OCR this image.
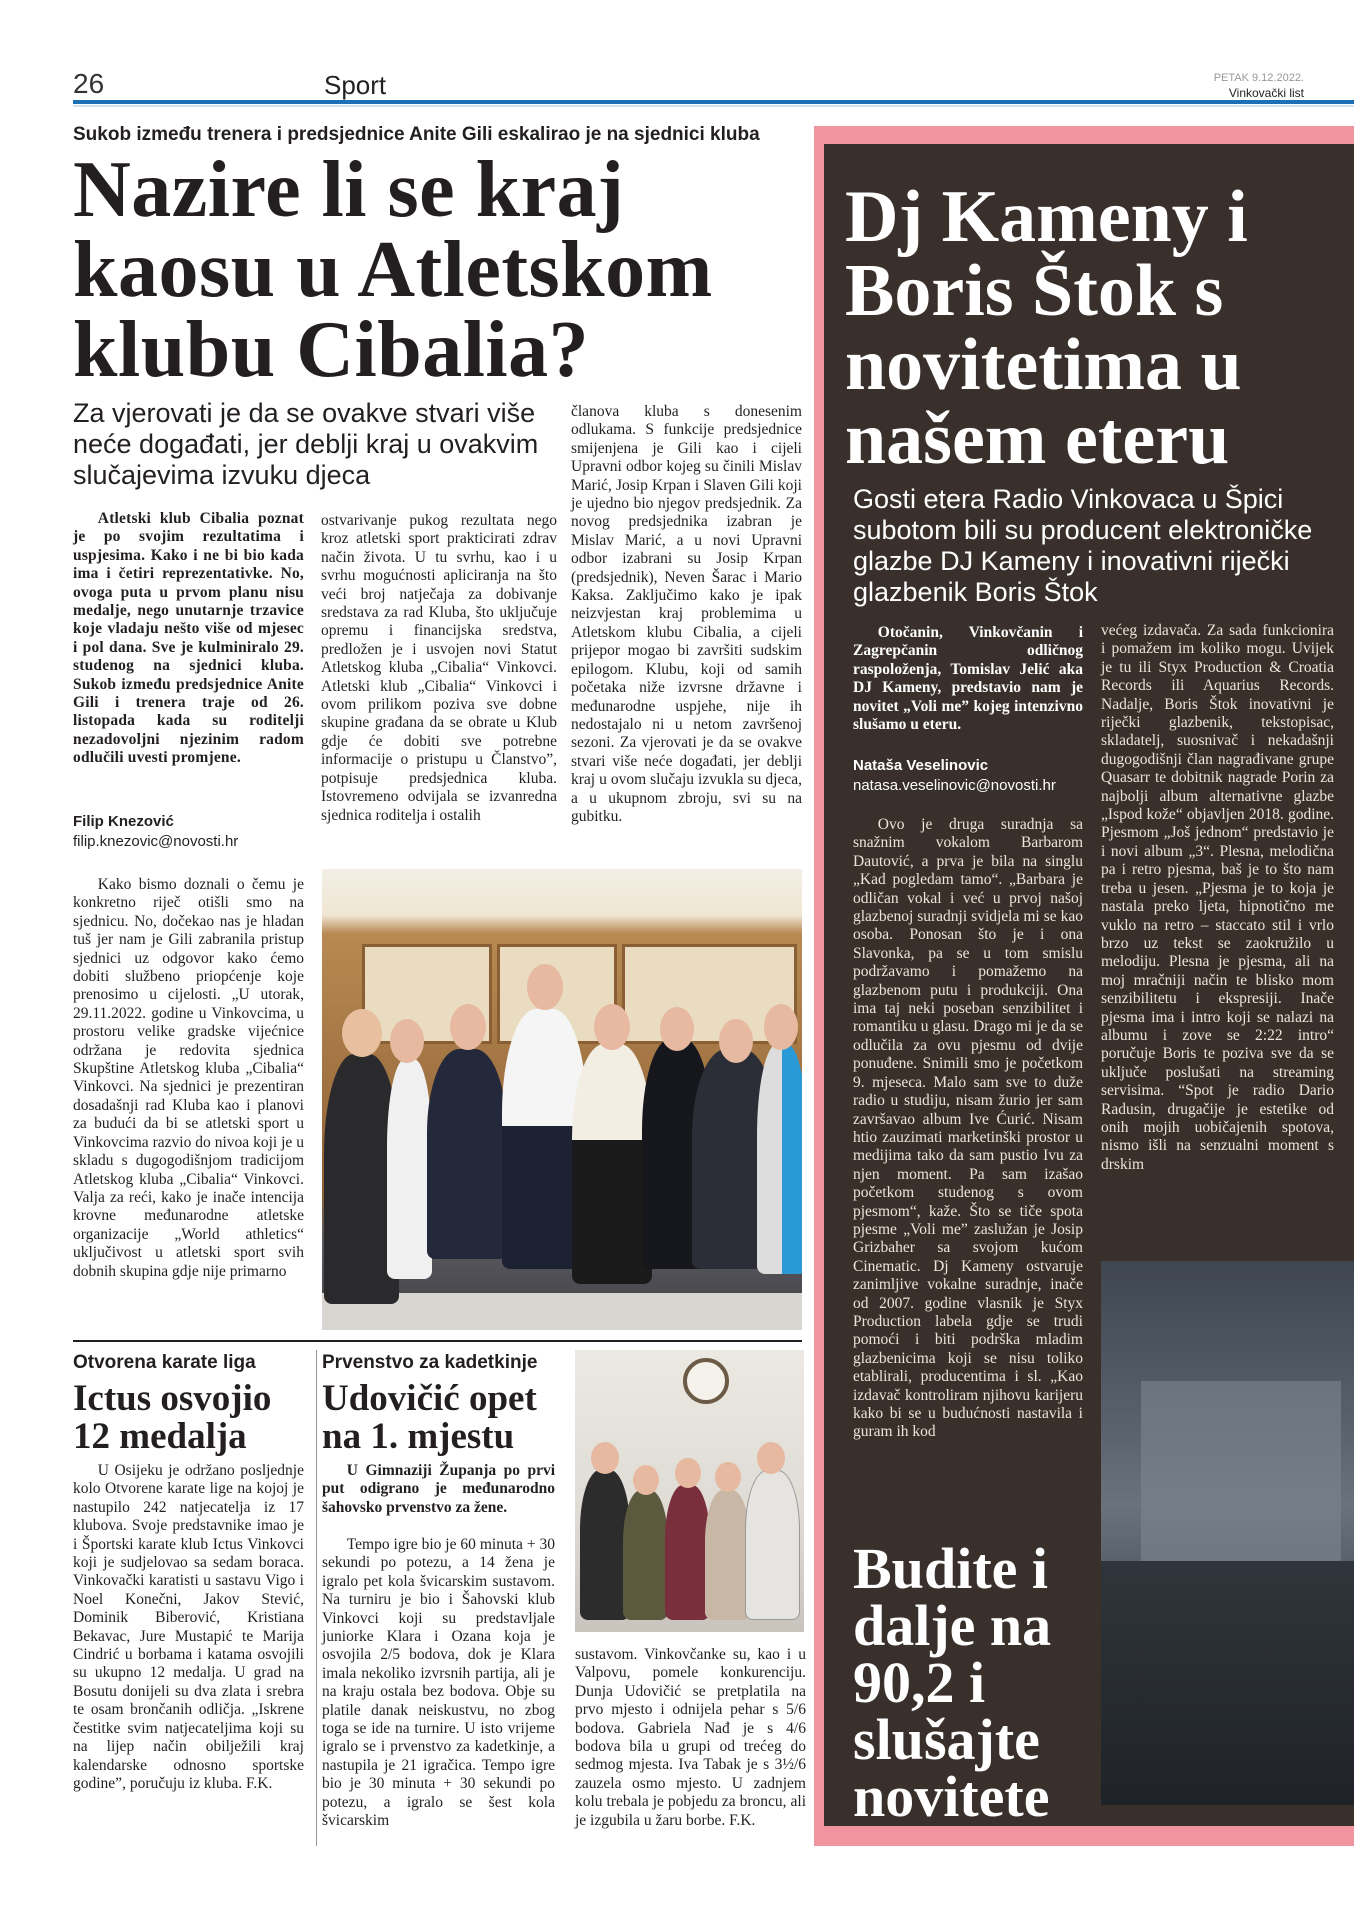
26	Sport	PETAK 9.12.2022.
Vinkovački list
Sukob između trenera i predsjednice Anite Gili eskalirao je na sjednici kluba
Nazire li se kraj kaosu u Atletskom klubu Cibalia?
Za vjerovati je da se ovakve stvari više neće događati, jer deblji kraj u ovakvim slučajevima izvuku djeca
Atletski klub Cibalia poznat je po svojim rezultatima i uspjesima. Kako i ne bi bio kada ima i četiri reprezentativke. No, ovoga puta u prvom planu nisu medalje, nego unutarnje trzavice koje vladaju nešto više od mjesec i pol dana. Sve je kulminiralo 29. studenog na sjednici kluba. Sukob između predsjednice Anite Gili i trenera traje od 26. listopada kada su roditelji nezadovoljni njezinim radom odlučili uvesti promjene.
Filip Knezović
filip.knezovic@novosti.hr
Kako bismo doznali o čemu je konkretno riječ otišli smo na sjednicu. No, dočekao nas je hladan tuš jer nam je Gili zabranila pristup sjednici uz odgovor kako ćemo dobiti službeno priopćenje koje prenosimo u cijelosti. „U utorak, 29.11.2022. godine u Vinkovcima, u prostoru velike gradske vijećnice održana je redovita sjednica Skupštine Atletskog kluba „Cibalia“ Vinkovci. Na sjednici je prezentiran dosadašnji rad Kluba kao i planovi za budući da bi se atletski sport u Vinkovcima razvio do nivoa koji je u skladu s dugogodišnjom tradicijom Atletskog kluba „Cibalia“ Vinkovci. Valja za reći, kako je inače intencija krovne međunarodne atletske organizacije „World athletics“ uključivost u atletski sport svih dobnih skupina gdje nije primarno
ostvarivanje pukog rezultata nego kroz atletski sport prakticirati zdrav način života. U tu svrhu, kao i u svrhu mogućnosti apliciranja na što veći broj natječaja za dobivanje sredstava za rad Kluba, što uključuje opremu i financijska sredstva, predložen je i usvojen novi Statut Atletskog kluba „Cibalia“ Vinkovci. Atletski klub „Cibalia“ Vinkovci i ovom prilikom poziva sve dobne skupine građana da se obrate u Klub gdje će dobiti sve potrebne informacije o pristupu u Članstvo”, potpisuje predsjednica kluba. Istovremeno odvijala se izvanredna sjednica roditelja i ostalih
članova kluba s donesenim odlukama. S funkcije predsjednice smijenjena je Gili kao i cijeli Upravni odbor kojeg su činili Mislav Marić, Josip Krpan i Slaven Gili koji je ujedno bio njegov predsjednik. Za novog predsjednika izabran je Mislav Marić, a u novi Upravni odbor izabrani su Josip Krpan (predsjednik), Neven Šarac i Mario Kaksa. Zaključimo kako je ipak neizvjestan kraj problemima u Atletskom klubu Cibalia, a cijeli prijepor mogao bi završiti sudskim epilogom. Klubu, koji od samih početaka niže izvrsne državne i međunarodne uspjehe, nije ih nedostajalo ni u netom završenoj sezoni. Za vjerovati je da se ovakve stvari više neće događati, jer deblji kraj u ovom slučaju izvukla su djeca, a u ukupnom zbroju, svi su na gubitku.
Otvorena karate liga
Ictus osvojio 12 medalja
U Osijeku je održano posljednje kolo Otvorene karate lige na kojoj je nastupilo 242 natjecatelja iz 17 klubova. Svoje predstavnike imao je i Športski karate klub Ictus Vinkovci koji je sudjelovao sa sedam boraca. Vinkovački karatisti u sastavu Vigo i Noel Konečni, Jakov Stević, Dominik Biberović, Kristiana Bekavac, Jure Mustapić te Marija Cindrić u borbama i katama osvojili su ukupno 12 medalja. U grad na Bosutu donijeli su dva zlata i srebra te osam brončanih odličja. „Iskrene čestitke svim natjecateljima koji su na lijep način obilježili kraj kalendarske odnosno sportske godine”, poručuju iz kluba. F.K.
Prvenstvo za kadetkinje
Udovičić opet na 1. mjestu
U Gimnaziji Županja po prvi put odigrano je međunarodno šahovsko prvenstvo za žene.
Tempo igre bio je 60 minuta + 30 sekundi po potezu, a 14 žena je igralo pet kola švicarskim sustavom. Na turniru je bio i Šahovski klub Vinkovci koji su predstavljale juniorke Klara i Ozana koja je osvojila 2/5 bodova, dok je Klara imala nekoliko izvrsnih partija, ali je na kraju ostala bez bodova. Obje su platile danak neiskustvu, no zbog toga se ide na turnire. U isto vrijeme igralo se i prvenstvo za kadetkinje, a nastupila je 21 igračica. Tempo igre bio je 30 minuta + 30 sekundi po potezu, a igralo se šest kola švicarskim
sustavom. Vinkovčanke su, kao i u Valpovu, pomele konkurenciju. Dunja Udovičić se pretplatila na prvo mjesto i odnijela pehar s 5/6 bodova. Gabriela Nađ je s 4/6 bodova bila u grupi od trećeg do sedmog mjesta. Iva Tabak je s 3½/6 zauzela osmo mjesto. U zadnjem kolu trebala je pobjedu za broncu, ali je izgubila u žaru borbe. F.K.
Dj Kameny i Boris Štok s novitetima u našem eteru
Gosti etera Radio Vinkovaca u Špici subotom bili su producent elektroničke glazbe DJ Kameny i inovativni riječki glazbenik Boris Štok
Otočanin, Vinkovčanin i Zagrepčanin odličnog raspoloženja, Tomislav Jelić aka DJ Kameny, predstavio nam je novitet „Voli me” kojeg intenzivno slušamo u eteru.
Nataša Veselinovic
natasa.veselinovic@novosti.hr
Ovo je druga suradnja sa snažnim vokalom Barbarom Dautović, a prva je bila na singlu „Kad pogledam tamo“. „Barbara je odličan vokal i već u prvoj našoj glazbenoj suradnji svidjela mi se kao osoba. Ponosan što je i ona Slavonka, pa se u tom smislu podržavamo i pomažemo na glazbenom putu i produkciji. Ona ima taj neki poseban senzibilitet i romantiku u glasu. Drago mi je da se odlučila za ovu pjesmu od dvije ponuđene. Snimili smo je početkom 9. mjeseca. Malo sam sve to duže radio u studiju, nisam žurio jer sam završavao album Ive Ćurić. Nisam htio zauzimati marketinški prostor u medijima tako da sam pustio Ivu za njen moment. Pa sam izašao početkom studenog s ovom pjesmom“, kaže. Što se tiče spota pjesme „Voli me” zaslužan je Josip Grizbaher sa svojom kućom Cinematic. Dj Kameny ostvaruje zanimljive vokalne suradnje, inače od 2007. godine vlasnik je Styx Production labela gdje se trudi pomoći i biti podrška mladim glazbenicima koji se nisu toliko etablirali, producentima i sl. „Kao izdavač kontroliram njihovu karijeru kako bi se u budućnosti nastavila i guram ih kod
većeg izdavača. Za sada funkcionira i pomažem im koliko mogu. Uvijek je tu ili Styx Production & Croatia Records ili Aquarius Records. Nadalje, Boris Štok inovativni je riječki glazbenik, tekstopisac, skladatelj, suosnivač i nekadašnji dugogodišnji član nagrađivane grupe Quasarr te dobitnik nagrade Porin za najbolji album alternativne glazbe „Ispod kože“ objavljen 2018. godine. Pjesmom „Još jednom“ predstavio je i novi album „3“. Plesna, melodična pa i retro pjesma, baš je to što nam treba u jesen. „Pjesma je to koja je nastala preko ljeta, hipnotično me vuklo na retro – staccato stil i vrlo brzo uz tekst se zaokružilo u melodiju. Plesna je pjesma, ali na moj mračniji način te blisko mom senzibilitetu i ekspresiji. Inače pjesma ima i intro koji se nalazi na albumu i zove se 2:22 intro“ poručuje Boris te poziva sve da se uključe poslušati na streaming servisima. “Spot je radio Dario Radusin, drugačije je estetike od onih mojih uobičajenih spotova, nismo išli na senzualni moment s drskim
Budite i dalje na 90,2 i slušajte novitete
